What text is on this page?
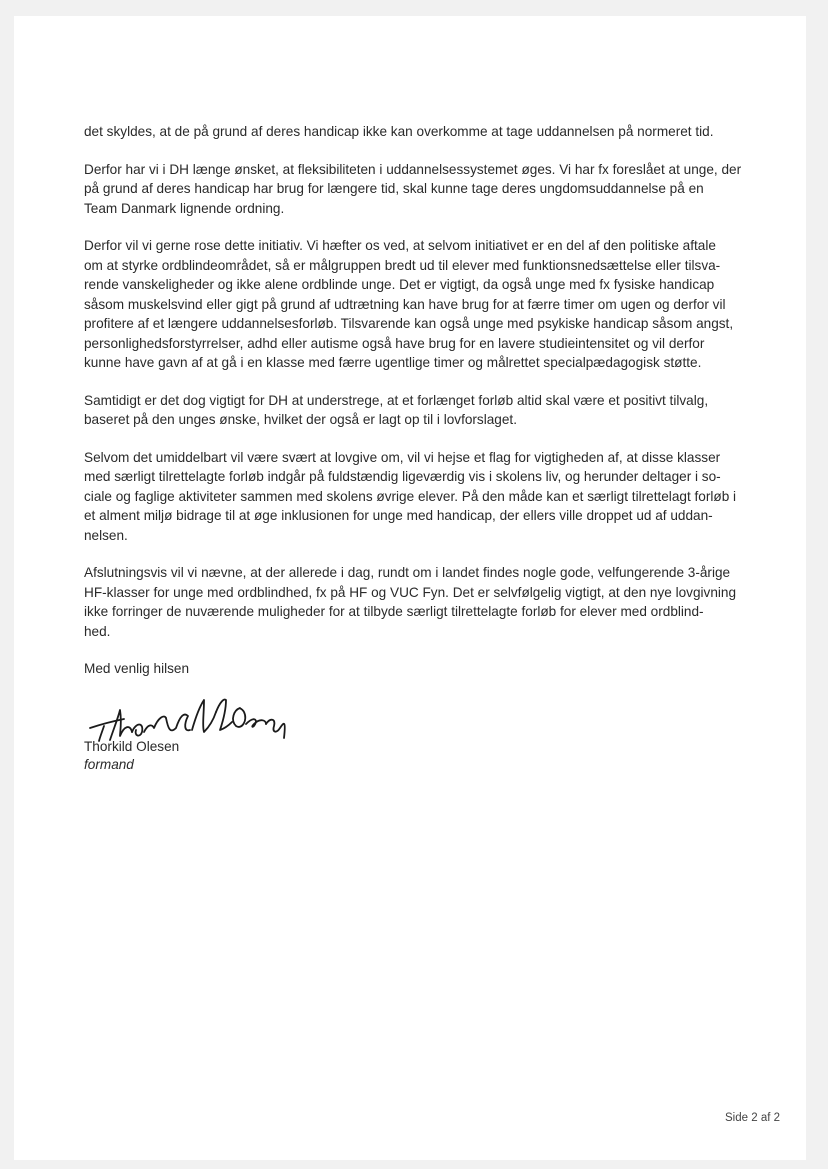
det skyldes, at de på grund af deres handicap ikke kan overkomme at tage uddannelsen på normeret tid.

Derfor har vi i DH længe ønsket, at fleksibiliteten i uddannelsessystemet øges. Vi har fx foreslået at unge, der
på grund af deres handicap har brug for længere tid, skal kunne tage deres ungdomsuddannelse på en
Team Danmark lignende ordning.

Derfor vil vi gerne rose dette initiativ. Vi hæfter os ved, at selvom initiativet er en del af den politiske aftale
om at styrke ordblindeområdet, så er målgruppen bredt ud til elever med funktionsnedsættelse eller tilsva-
rende vanskeligheder og ikke alene ordblinde unge. Det er vigtigt, da også unge med fx fysiske handicap
såsom muskelsvind eller gigt på grund af udtrætning kan have brug for at færre timer om ugen og derfor vil
profitere af et længere uddannelsesforløb. Tilsvarende kan også unge med psykiske handicap såsom angst,
personlighedsforstyrrelser, adhd eller autisme også have brug for en lavere studieintensitet og vil derfor
kunne have gavn af at gå i en klasse med færre ugentlige timer og målrettet specialpædagogisk støtte.

Samtidigt er det dog vigtigt for DH at understrege, at et forlænget forløb altid skal være et positivt tilvalg,
baseret på den unges ønske, hvilket der også er lagt op til i lovforslaget.

Selvom det umiddelbart vil være svært at lovgive om, vil vi hejse et flag for vigtigheden af, at disse klasser
med særligt tilrettelagte forløb indgår på fuldstændig ligeværdig vis i skolens liv, og herunder deltager i so-
ciale og faglige aktiviteter sammen med skolens øvrige elever. På den måde kan et særligt tilrettelagt forløb i
et alment miljø bidrage til at øge inklusionen for unge med handicap, der ellers ville droppet ud af uddan-
nelsen.

Afslutningsvis vil vi nævne, at der allerede i dag, rundt om i landet findes nogle gode, velfungerende 3-årige
HF-klasser for unge med ordblindhed, fx på HF og VUC Fyn. Det er selvfølgelig vigtigt, at den nye lovgivning
ikke forringer de nuværende muligheder for at tilbyde særligt tilrettelagte forløb for elever med ordblind-
hed.

Med venlig hilsen

Thorkild Olesen
Thorkild Olesen
formand
Side 2 af 2
